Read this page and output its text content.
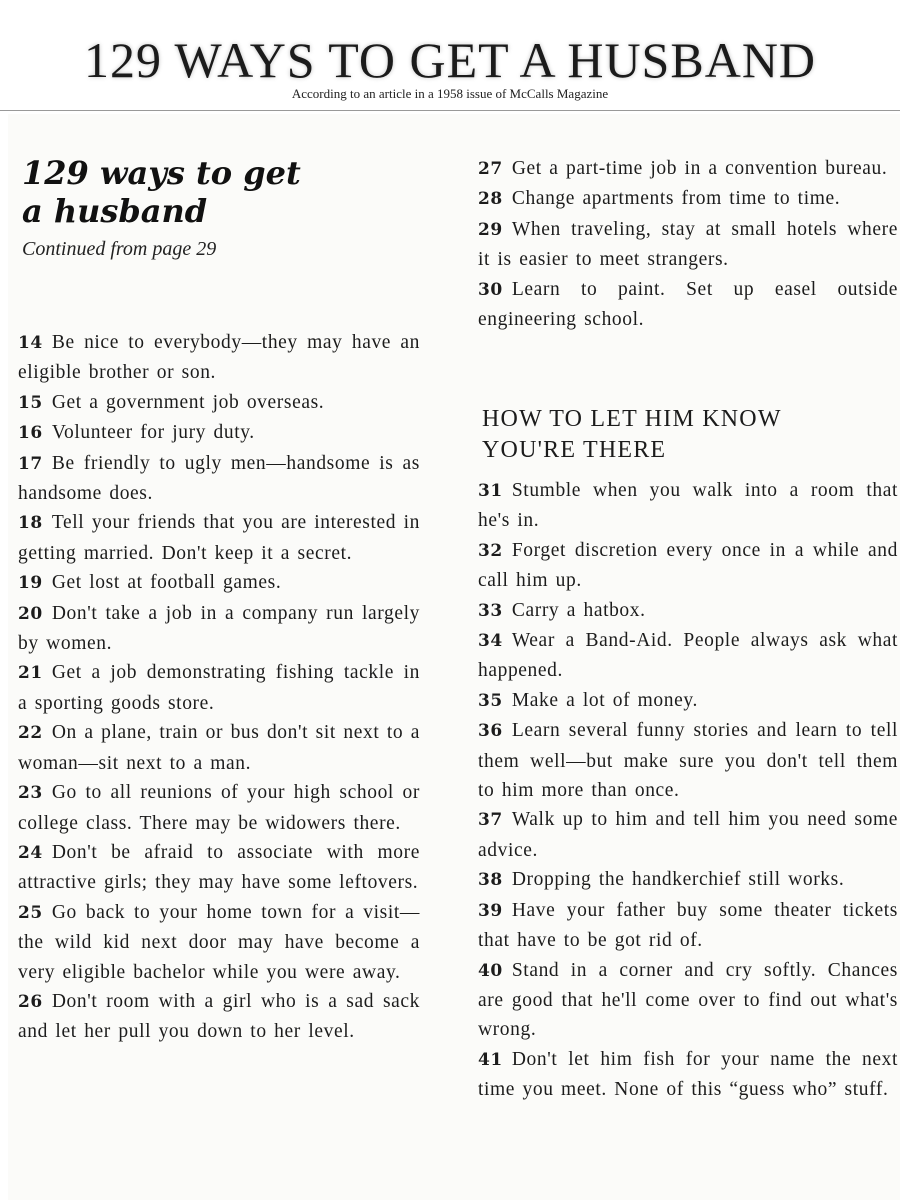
129 WAYS TO GET A HUSBAND
According to an article in a 1958 issue of McCalls Magazine
129 ways to get
a husband
Continued from page 29

14 Be nice to everybody—they may have an eligible brother or son.

15 Get a government job overseas.

16 Volunteer for jury duty.

17 Be friendly to ugly men—handsome is as handsome does.

18 Tell your friends that you are interested in getting married. Don't keep it a secret.

19 Get lost at football games.

20 Don't take a job in a company run largely by women.

21 Get a job demonstrating fishing tackle in a sporting goods store.

22 On a plane, train or bus don't sit next to a woman—sit next to a man.

23 Go to all reunions of your high school or college class. There may be widowers there.

24 Don't be afraid to associate with more attractive girls; they may have some leftovers.

25 Go back to your home town for a visit—the wild kid next door may have become a very eligible bachelor while you were away.

26 Don't room with a girl who is a sad sack and let her pull you down to her level.

27 Get a part-time job in a convention bureau.

28 Change apartments from time to time.

29 When traveling, stay at small hotels where it is easier to meet strangers.

30 Learn to paint. Set up easel outside engineering school.

HOW TO LET HIM KNOW YOU'RE THERE

31 Stumble when you walk into a room that he's in.

32 Forget discretion every once in a while and call him up.

33 Carry a hatbox.

34 Wear a Band-Aid. People always ask what happened.

35 Make a lot of money.

36 Learn several funny stories and learn to tell them well—but make sure you don't tell them to him more than once.

37 Walk up to him and tell him you need some advice.

38 Dropping the handkerchief still works.

39 Have your father buy some theater tickets that have to be got rid of.

40 Stand in a corner and cry softly. Chances are good that he'll come over to find out what's wrong.

41 Don't let him fish for your name the next time you meet. None of this “guess who” stuff.
